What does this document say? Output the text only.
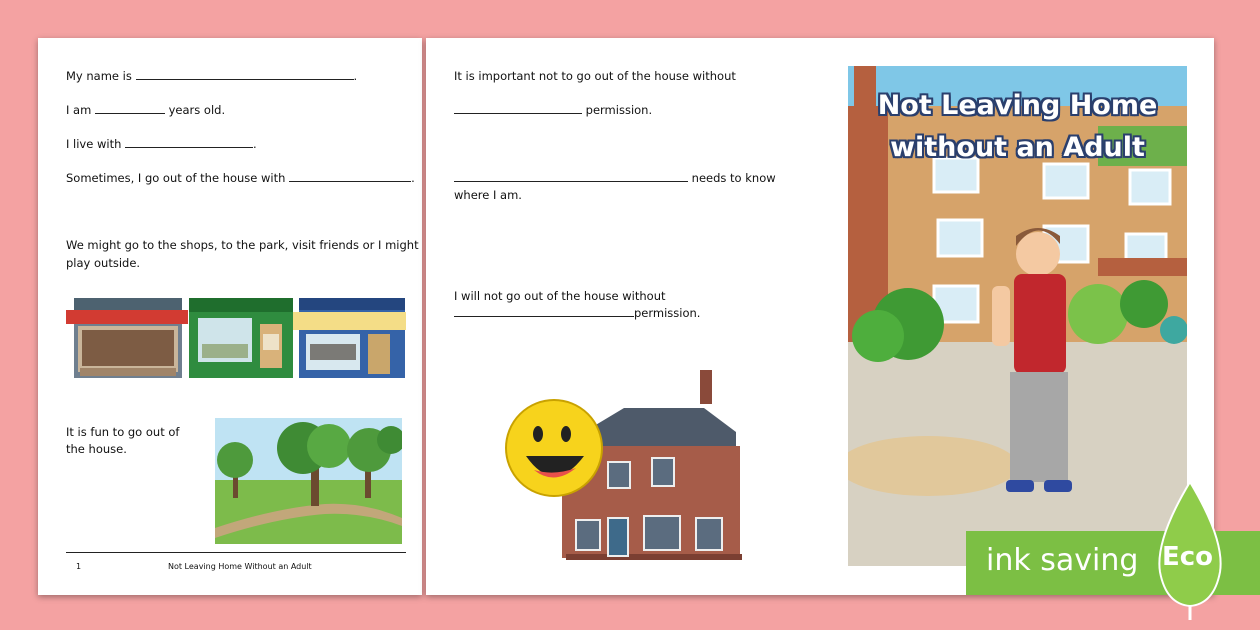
My name is	.
I am	years old.
I live with	.
Sometimes, I go out of the house with	.
We might go to the shops, to the park, visit friends or I might
play outside.
It is fun to go out of
the house.
1	Not Leaving Home Without an Adult
It is important not to go out of the house without
permission.
needs to know
where I am.
I will not go out of the house without
permission.
Not Leaving Home
without an Adult
ink saving Eco
